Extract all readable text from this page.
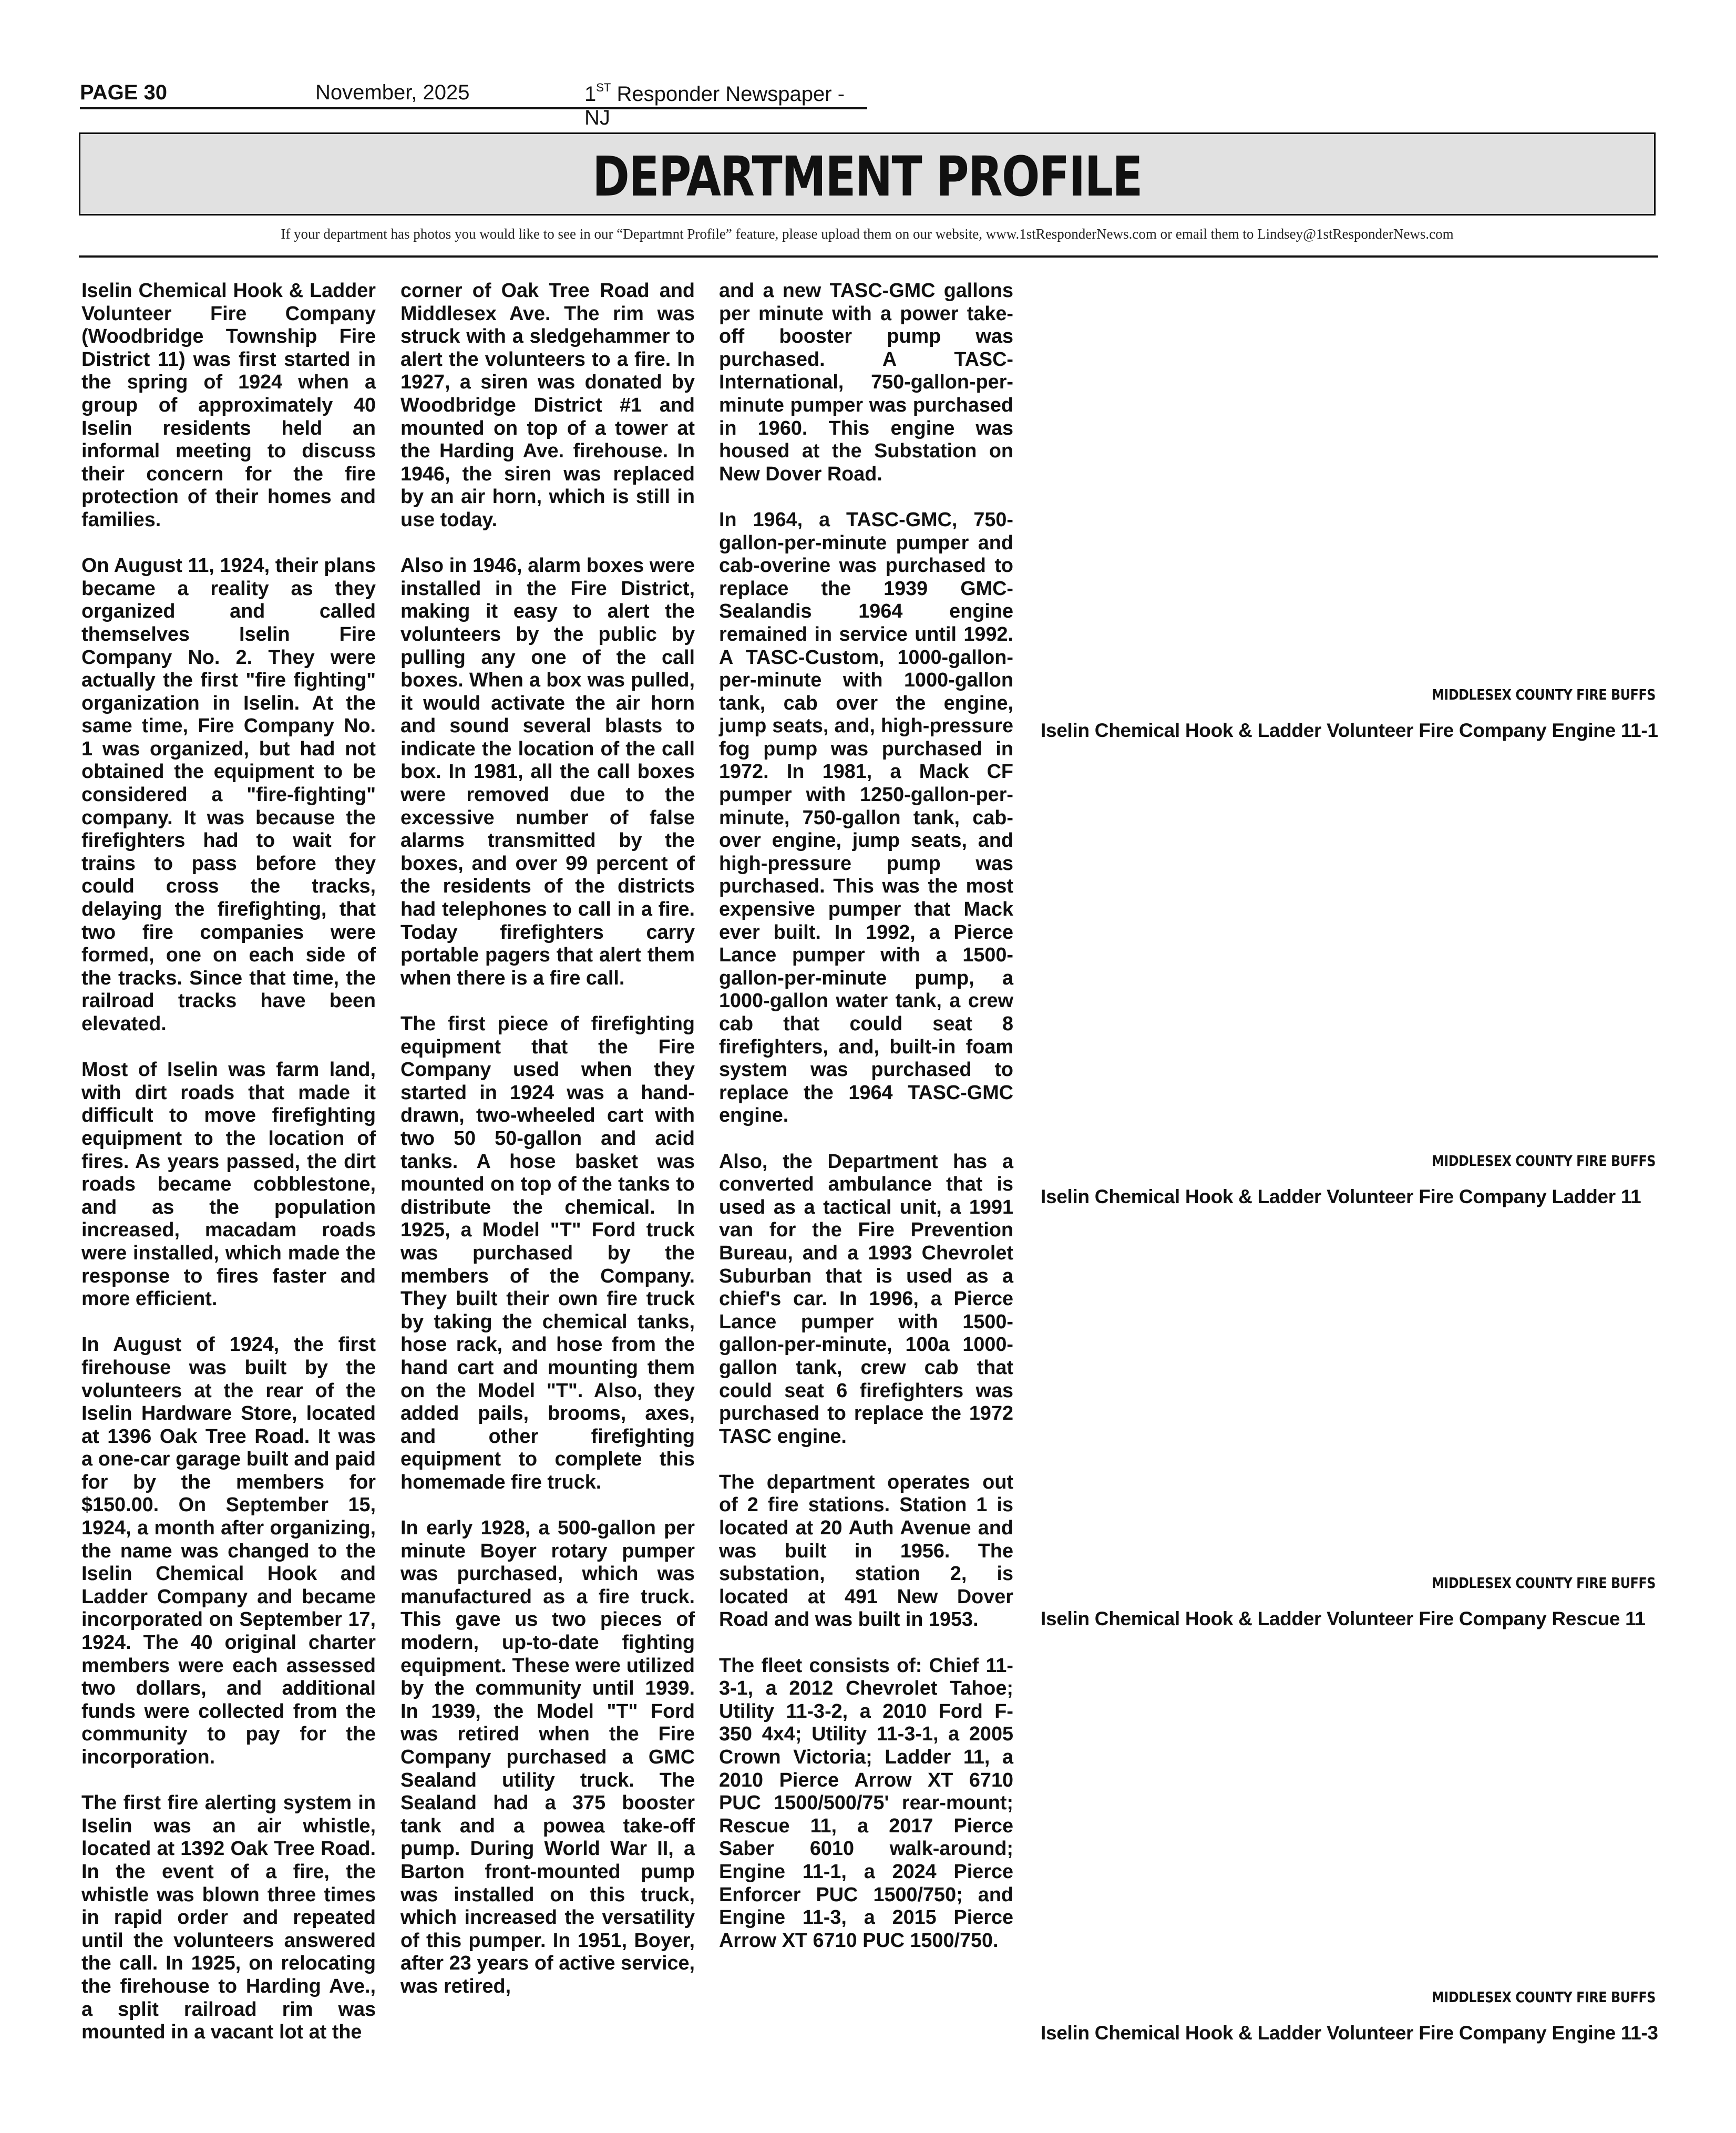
PAGE 30	November, 2025	1ST Responder Newspaper - NJ
DEPARTMENT PROFILE
If your department has photos you would like to see in our “Departmnt Profile” feature, please upload them on our website, www.1stResponderNews.com or email them to Lindsey@1stResponderNews.com

Iselin Chemical Hook & Ladder Volunteer Fire Company (Woodbridge Township Fire District 11) was first started in the spring of 1924 when a group of approximately 40 Iselin residents held an informal meeting to discuss their concern for the fire protection of their homes and families.

On August 11, 1924, their plans became a reality as they organized and called themselves Iselin Fire Company No. 2. They were actually the first "fire fighting" organization in Iselin. At the same time, Fire Company No. 1 was organized, but had not obtained the equipment to be considered a "fire-fighting" company. It was because the firefighters had to wait for trains to pass before they could cross the tracks, delaying the firefighting, that two fire companies were formed, one on each side of the tracks. Since that time, the railroad tracks have been elevated.

Most of Iselin was farm land, with dirt roads that made it difficult to move firefighting equipment to the location of fires. As years passed, the dirt roads became cobblestone, and as the population increased, macadam roads were installed, which made the response to fires faster and more efficient.

In August of 1924, the first firehouse was built by the volunteers at the rear of the Iselin Hardware Store, located at 1396 Oak Tree Road. It was a one-car garage built and paid for by the members for $150.00. On September 15, 1924, a month after organizing, the name was changed to the Iselin Chemical Hook and Ladder Company and became incorporated on September 17, 1924. The 40 original charter members were each assessed two dollars, and additional funds were collected from the community to pay for the incorporation.

The first fire alerting system in Iselin was an air whistle, located at 1392 Oak Tree Road. In the event of a fire, the whistle was blown three times in rapid order and repeated until the volunteers answered the call. In 1925, on relocating the firehouse to Harding Ave., a split railroad rim was mounted in a vacant lot at the

corner of Oak Tree Road and Middlesex Ave. The rim was struck with a sledgehammer to alert the volunteers to a fire. In 1927, a siren was donated by Woodbridge District #1 and mounted on top of a tower at the Harding Ave. firehouse. In 1946, the siren was replaced by an air horn, which is still in use today.

Also in 1946, alarm boxes were installed in the Fire District, making it easy to alert the volunteers by the public by pulling any one of the call boxes. When a box was pulled, it would activate the air horn and sound several blasts to indicate the location of the call box. In 1981, all the call boxes were removed due to the excessive number of false alarms transmitted by the boxes, and over 99 percent of the residents of the districts had telephones to call in a fire. Today firefighters carry portable pagers that alert them when there is a fire call.

The first piece of firefighting equipment that the Fire Company used when they started in 1924 was a hand-drawn, two-wheeled cart with two 50 50-gallon and acid tanks. A hose basket was mounted on top of the tanks to distribute the chemical. In 1925, a Model "T" Ford truck was purchased by the members of the Company. They built their own fire truck by taking the chemical tanks, hose rack, and hose from the hand cart and mounting them on the Model "T". Also, they added pails, brooms, axes, and other firefighting equipment to complete this homemade fire truck.

In early 1928, a 500-gallon per minute Boyer rotary pumper was purchased, which was manufactured as a fire truck. This gave us two pieces of modern, up-to-date fighting equipment. These were utilized by the community until 1939. In 1939, the Model "T" Ford was retired when the Fire Company purchased a GMC Sealand utility truck. The Sealand had a 375 booster tank and a powea take-off pump. During World War II, a Barton front-mounted pump was installed on this truck, which increased the versatility of this pumper. In 1951, Boyer, after 23 years of active service, was retired,

and a new TASC-GMC gallons per minute with a power take-off booster pump was purchased. A TASC-International, 750-gallon-per-minute pumper was purchased in 1960. This engine was housed at the Substation on New Dover Road.

In 1964, a TASC-GMC, 750-gallon-per-minute pumper and cab-overine was purchased to replace the 1939 GMC-Sealandis 1964 engine remained in service until 1992. A TASC-Custom, 1000-gallon-per-minute with 1000-gallon tank, cab over the engine, jump seats, and, high-pressure fog pump was purchased in 1972. In 1981, a Mack CF pumper with 1250-gallon-per-minute, 750-gallon tank, cab-over engine, jump seats, and high-pressure pump was purchased. This was the most expensive pumper that Mack ever built. In 1992, a Pierce Lance pumper with a 1500-gallon-per-minute pump, a 1000-gallon water tank, a crew cab that could seat 8 firefighters, and, built-in foam system was purchased to replace the 1964 TASC-GMC engine.

Also, the Department has a converted ambulance that is used as a tactical unit, a 1991 van for the Fire Prevention Bureau, and a 1993 Chevrolet Suburban that is used as a chief's car. In 1996, a Pierce Lance pumper with 1500-gallon-per-minute, 100a 1000-gallon tank, crew cab that could seat 6 firefighters was purchased to replace the 1972 TASC engine.

The department operates out of 2 fire stations. Station 1 is located at 20 Auth Avenue and was built in 1956. The substation, station 2, is located at 491 New Dover Road and was built in 1953.

The fleet consists of: Chief 11-3-1, a 2012 Chevrolet Tahoe; Utility 11-3-2, a 2010 Ford F-350 4x4; Utility 11-3-1, a 2005 Crown Victoria; Ladder 11, a 2010 Pierce Arrow XT 6710 PUC 1500/500/75' rear-mount; Rescue 11, a 2017 Pierce Saber 6010 walk-around; Engine 11-1, a 2024 Pierce Enforcer PUC 1500/750; and Engine 11-3, a 2015 Pierce Arrow XT 6710 PUC 1500/750.

MIDDLESEX COUNTY FIRE BUFFS
Iselin Chemical Hook & Ladder Volunteer Fire Company Engine 11-1
MIDDLESEX COUNTY FIRE BUFFS
Iselin Chemical Hook & Ladder Volunteer Fire Company Ladder 11
MIDDLESEX COUNTY FIRE BUFFS
Iselin Chemical Hook & Ladder Volunteer Fire Company Rescue 11
MIDDLESEX COUNTY FIRE BUFFS
Iselin Chemical Hook & Ladder Volunteer Fire Company Engine 11-3
